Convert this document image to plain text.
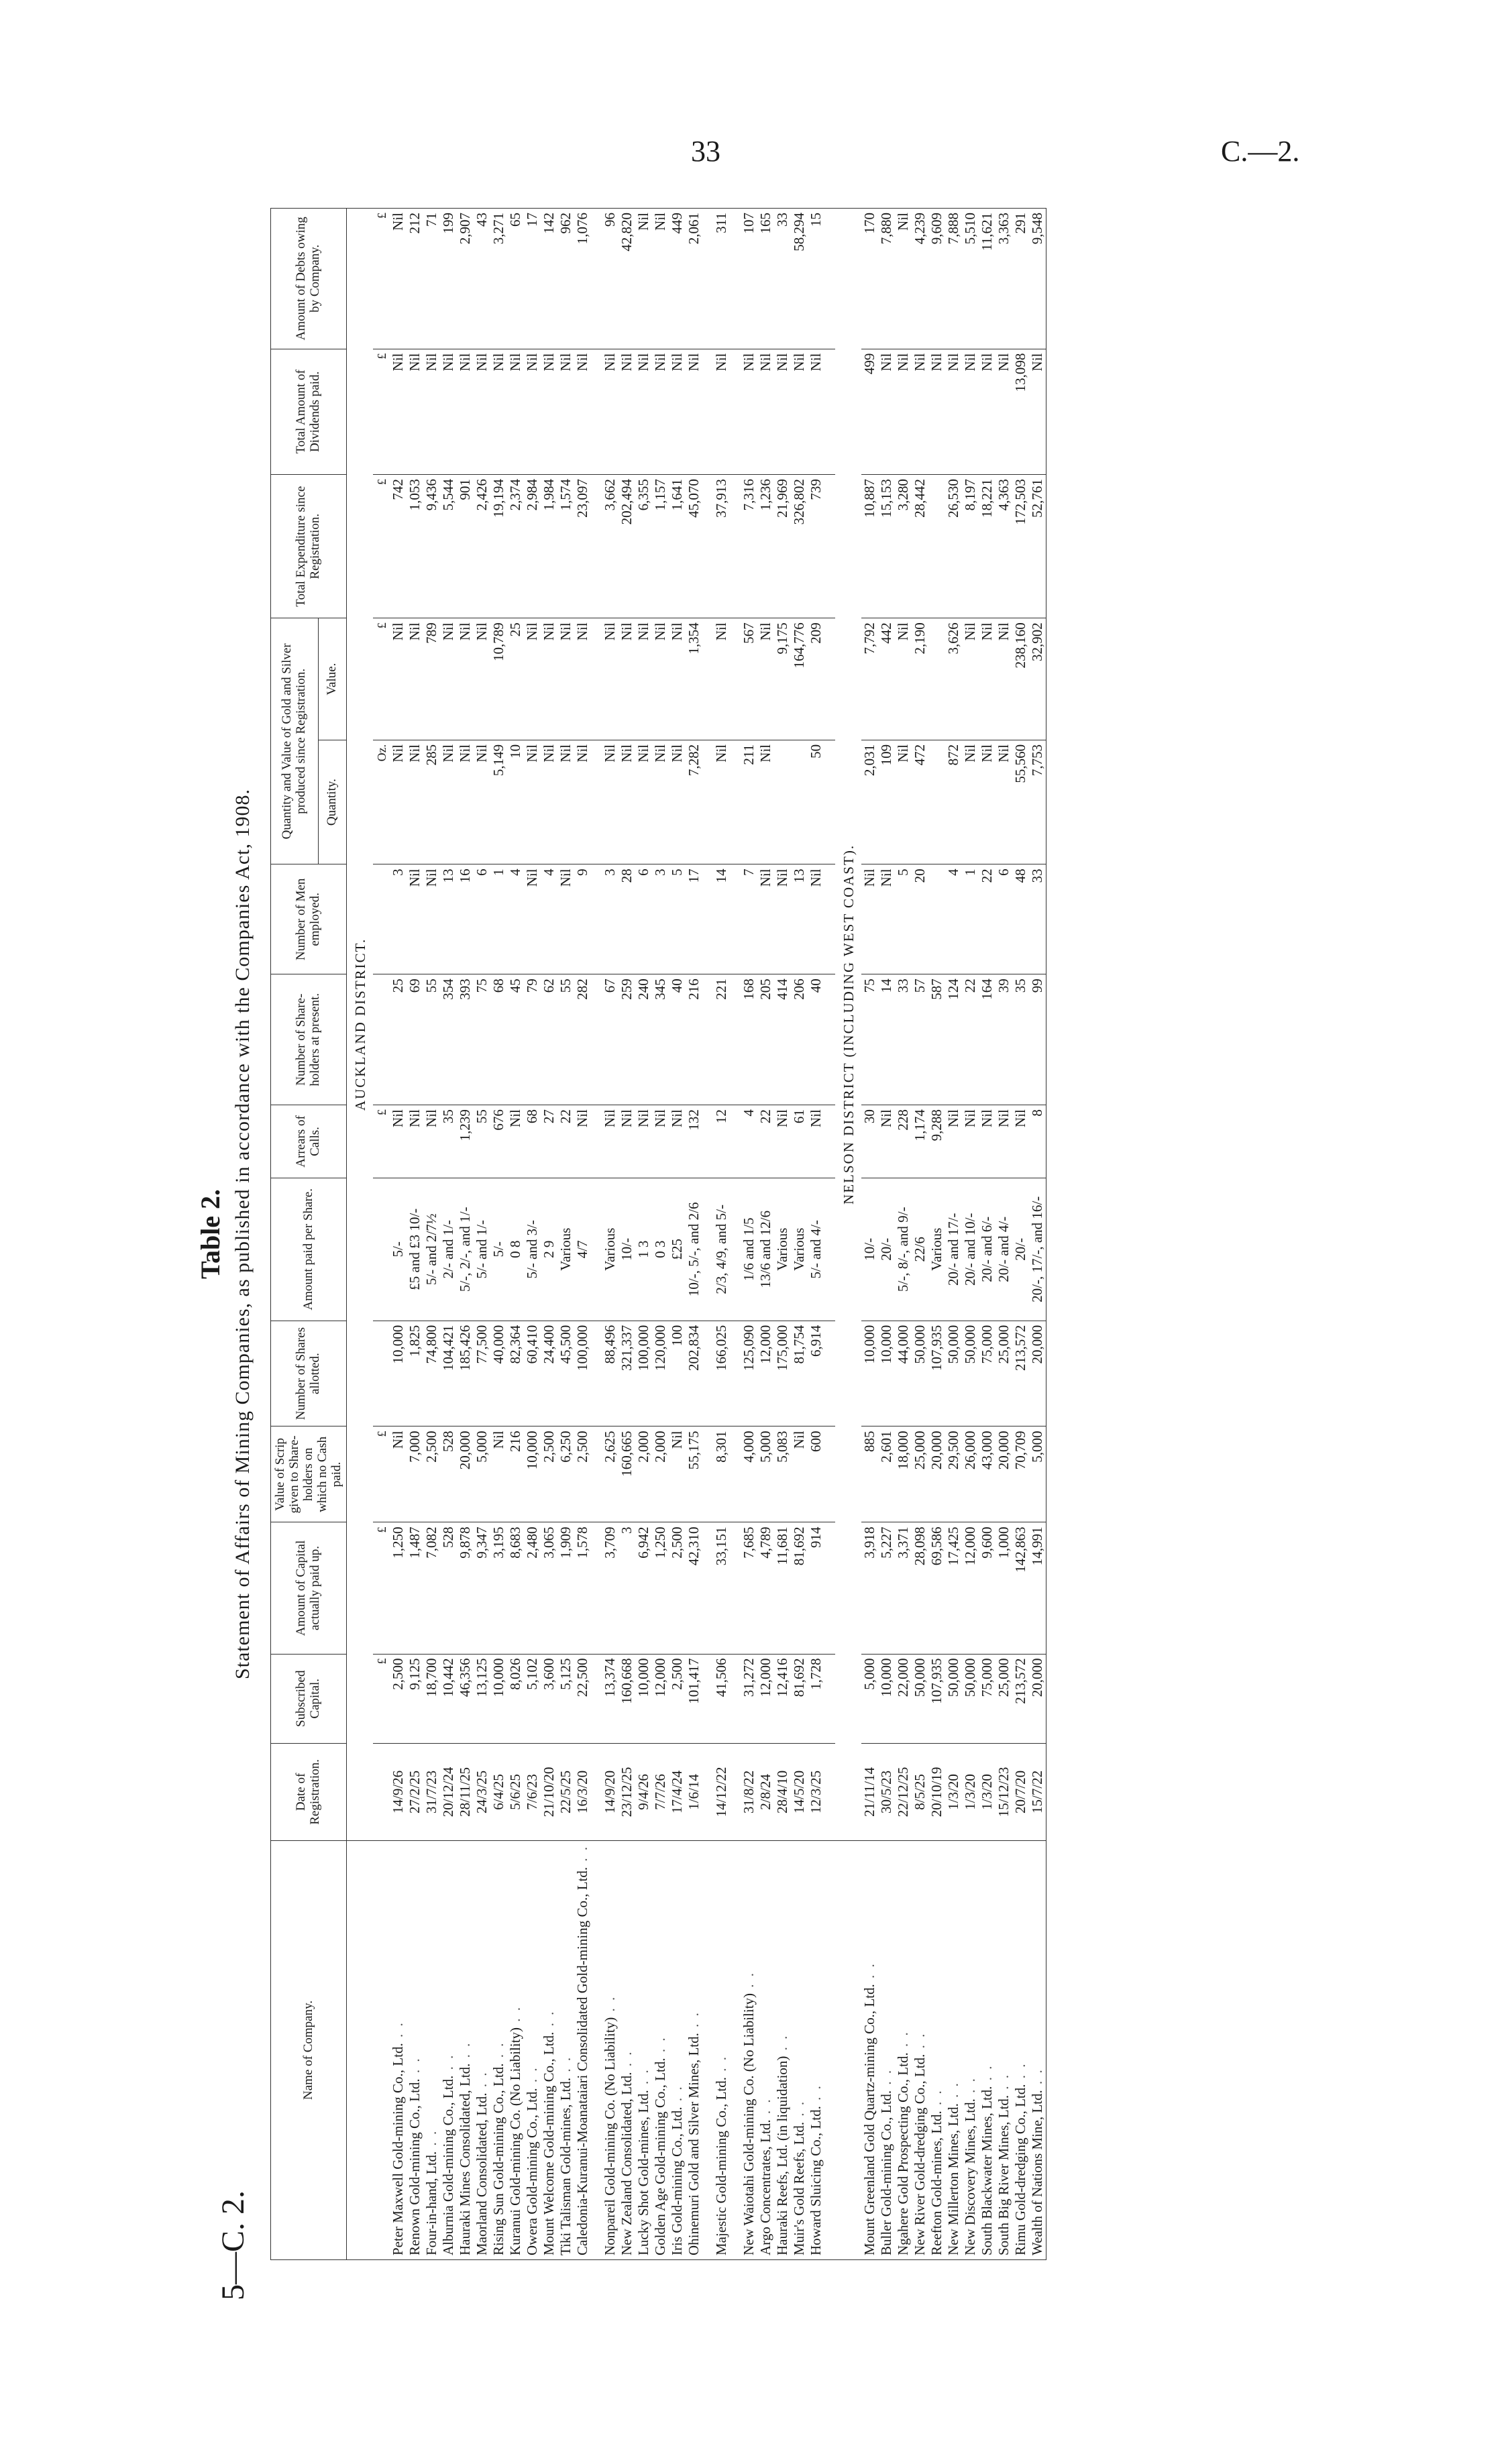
33	C.—2.
5—C. 2.
Table 2. Statement of Affairs of Mining Companies, as published in accordance with the Companies Act, 1908.
Name of Company.	Date of Registration.	Subscribed Capital.	Amount of Capital actually paid up.	Value of Scrip given to Share-holders on which no Cash paid.	Number of Shares allotted.	Amount paid per Share.	Arrears of Calls.	Number of Share-holders at present.	Number of Men employed.	Quantity and Value of Gold and Silver produced since Registration.		Total Expenditure since Registration.	Total Amount of Dividends paid.	Amount of Debts owing by Company.
										Quantity.	Value.			
	AUCKLAND DISTRICT.													
		£	£	£			£			Oz.	£	£	£	£
Peter Maxwell Gold-mining Co., Ltd. . .	14/9/26	2,500	1,250	Nil	10,000	5/-	Nil	25	3	Nil	Nil	742	Nil	Nil
Renown Gold-mining Co., Ltd. . .	27/2/25	9,125	1,487	7,000	1,825	£5 and £3 10/-	Nil	69	Nil	Nil	Nil	1,053	Nil	212
Four-in-hand, Ltd. . .	31/7/23	18,700	7,082	2,500	74,800	5/- and 2/7½	Nil	55	Nil	285	789	9,436	Nil	71
Alburnia Gold-mining Co., Ltd. . .	20/12/24	10,442	528	528	104,421	2/- and 1/-	35	354	13	Nil	Nil	5,544	Nil	199
Hauraki Mines Consolidated, Ltd. . .	28/11/25	46,356	9,878	20,000	185,426	5/-, 2/-, and 1/-	1,239	393	16	Nil	Nil	901	Nil	2,907
Maorland Consolidated, Ltd. . .	24/3/25	13,125	9,347	5,000	77,500	5/- and 1/-	55	75	6	Nil	Nil	2,426	Nil	43
Rising Sun Gold-mining Co., Ltd. . .	6/4/25	10,000	3,195	Nil	40,000	5/-	676	68	1	5,149	10,789	19,194	Nil	3,271
Kuranui Gold-mining Co. (No Liability) . .	5/6/25	8,026	8,683	216	82,364	0 8	Nil	45	4	10	25	2,374	Nil	65
Owera Gold-mining Co., Ltd. . .	7/6/23	5,102	2,480	10,000	60,410	5/- and 3/-	68	79	Nil	Nil	Nil	2,984	Nil	17
Mount Welcome Gold-mining Co., Ltd. . .	21/10/20	3,600	3,065	2,500	24,400	2 9	27	62	4	Nil	Nil	1,984	Nil	142
Tiki Talisman Gold-mines, Ltd. . .	22/5/25	5,125	1,909	6,250	45,500	Various	22	55	Nil	Nil	Nil	1,574	Nil	962
Caledonia-Kuranui-Moanataiari Consolidated Gold-mining Co., Ltd. . .	16/3/20	22,500	1,578	2,500	100,000	4/7	Nil	282	9	Nil	Nil	23,097	Nil	1,076

Nonpareil Gold-mining Co. (No Liability) . .	14/9/20	13,374	3,709	2,625	88,496	Various	Nil	67	3	Nil	Nil	3,662	Nil	96
New Zealand Consolidated, Ltd. . .	23/12/25	160,668	3	160,665	321,337	10/-	Nil	259	28	Nil	Nil	202,494	Nil	42,820
Lucky Shot Gold-mines, Ltd. . .	9/4/26	10,000	6,942	2,000	100,000	1 3	Nil	240	6	Nil	Nil	6,355	Nil	Nil
Golden Age Gold-mining Co., Ltd. . .	7/7/26	12,000	1,250	2,000	120,000	0 3	Nil	345	3	Nil	Nil	1,157	Nil	Nil
Iris Gold-mining Co., Ltd. . .	17/4/24	2,500	2,500	Nil	100	£25	Nil	40	5	Nil	Nil	1,641	Nil	449
Ohinemuri Gold and Silver Mines, Ltd. . .	1/6/14	101,417	42,310	55,175	202,834	10/-, 5/-, and 2/6	132	216	17	7,282	1,354	45,070	Nil	2,061

Majestic Gold-mining Co., Ltd. . .	14/12/22	41,506	33,151	8,301	166,025	2/3, 4/9, and 5/-	12	221	14	Nil	Nil	37,913	Nil	311

New Waiotahi Gold-mining Co. (No Liability) . .	31/8/22	31,272	7,685	4,000	125,090	1/6 and 1/5	4	168	7	211	567	7,316	Nil	107
Argo Concentrates, Ltd. . .	2/8/24	12,000	4,789	5,000	12,000	13/6 and 12/6	22	205	Nil	Nil	Nil	1,236	Nil	165
Hauraki Reefs, Ltd. (in liquidation) . .	28/4/10	12,416	11,681	5,083	175,000	Various	Nil	414	Nil		9,175	21,969	Nil	33
Muir's Gold Reefs, Ltd. . .	14/5/20	81,692	81,692	Nil	81,754	Various	61	206	13		164,776	326,802	Nil	58,294
Howard Sluicing Co., Ltd. . .	12/3/25	1,728	914	600	6,914	5/- and 4/-	Nil	40	Nil	50	209	739	Nil	15

	NELSON DISTRICT (INCLUDING WEST COAST).													
Mount Greenland Gold Quartz-mining Co., Ltd. . .	21/11/14	5,000	3,918	885	10,000	10/-	30	75	Nil	2,031	7,792	10,887	499	170
Buller Gold-mining Co., Ltd. . .	30/5/23	10,000	5,227	2,601	10,000	20/-	Nil	14	Nil	109	442	15,153	Nil	7,880
Ngahere Gold Prospecting Co., Ltd. . .	22/12/25	22,000	3,371	18,000	44,000	5/-, 8/-, and 9/-	228	33	5	Nil	Nil	3,280	Nil	Nil
New River Gold-dredging Co., Ltd. . .	8/5/25	50,000	28,098	25,000	50,000	22/6	1,174	57	20	472	2,190	28,442	Nil	4,239
Reefton Gold-mines, Ltd. . .	20/10/19	107,935	69,586	20,000	107,935	Various	9,288	587					Nil	9,609
New Millerton Mines, Ltd. . .	1/3/20	50,000	17,425	29,500	50,000	20/- and 17/-	Nil	124	4	872	3,626	26,530	Nil	7,888
New Discovery Mines, Ltd. . .	1/3/20	50,000	12,000	26,000	50,000	20/- and 10/-	Nil	22	1	Nil	Nil	8,197	Nil	5,510
South Blackwater Mines, Ltd. . .	1/3/20	75,000	9,600	43,000	75,000	20/- and 6/-	Nil	164	22	Nil	Nil	18,221	Nil	11,621
South Big River Mines, Ltd. . .	15/12/23	25,000	1,000	20,000	25,000	20/- and 4/-	Nil	39	6	Nil	Nil	4,363	Nil	3,363
Rimu Gold-dredging Co., Ltd. . .	20/7/20	213,572	142,863	70,709	213,572	20/-	Nil	35	48	55,560	238,160	172,503	13,098	291
Wealth of Nations Mine, Ltd. . .	15/7/22	20,000	14,991	5,000	20,000	20/-, 17/-, and 16/-	8	99	33	7,753	32,902	52,761	Nil	9,548
